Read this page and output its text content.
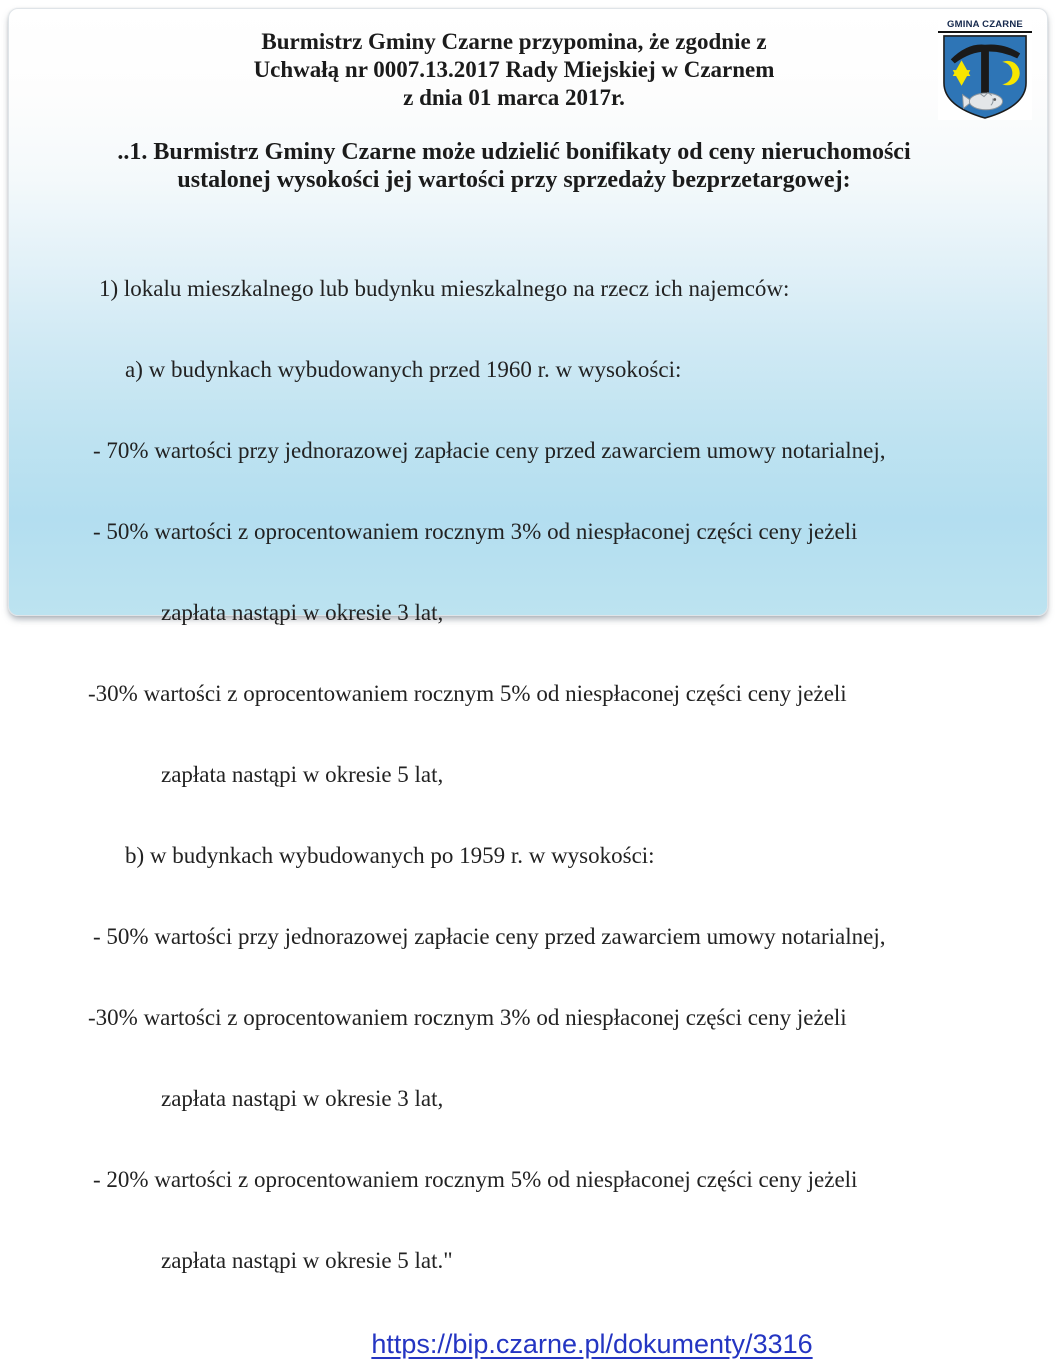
Burmistrz Gminy Czarne przypomina, że zgodnie z
Uchwałą nr 0007.13.2017 Rady Miejskiej w Czarnem
z dnia 01 marca 2017r.
GMINA CZARNE
..1. Burmistrz Gminy Czarne może udzielić bonifikaty od ceny nieruchomości
ustalonej wysokości jej wartości przy sprzedaży bezprzetargowej:

1) lokalu mieszkalnego lub budynku mieszkalnego na rzecz ich najemców:

a) w budynkach wybudowanych przed 1960 r. w wysokości:

- 70% wartości przy jednorazowej zapłacie ceny przed zawarciem umowy notarialnej,

- 50% wartości z oprocentowaniem rocznym 3% od niespłaconej części ceny jeżeli

zapłata nastąpi w okresie 3 lat,

-30% wartości z oprocentowaniem rocznym 5% od niespłaconej części ceny jeżeli

zapłata nastąpi w okresie 5 lat,

b) w budynkach wybudowanych po 1959 r. w wysokości:

- 50% wartości przy jednorazowej zapłacie ceny przed zawarciem umowy notarialnej,

-30% wartości z oprocentowaniem rocznym 3% od niespłaconej części ceny jeżeli

zapłata nastąpi w okresie 3 lat,

- 20% wartości z oprocentowaniem rocznym 5% od niespłaconej części ceny jeżeli

zapłata nastąpi w okresie 5 lat."

https://bip.czarne.pl/dokumenty/3316
